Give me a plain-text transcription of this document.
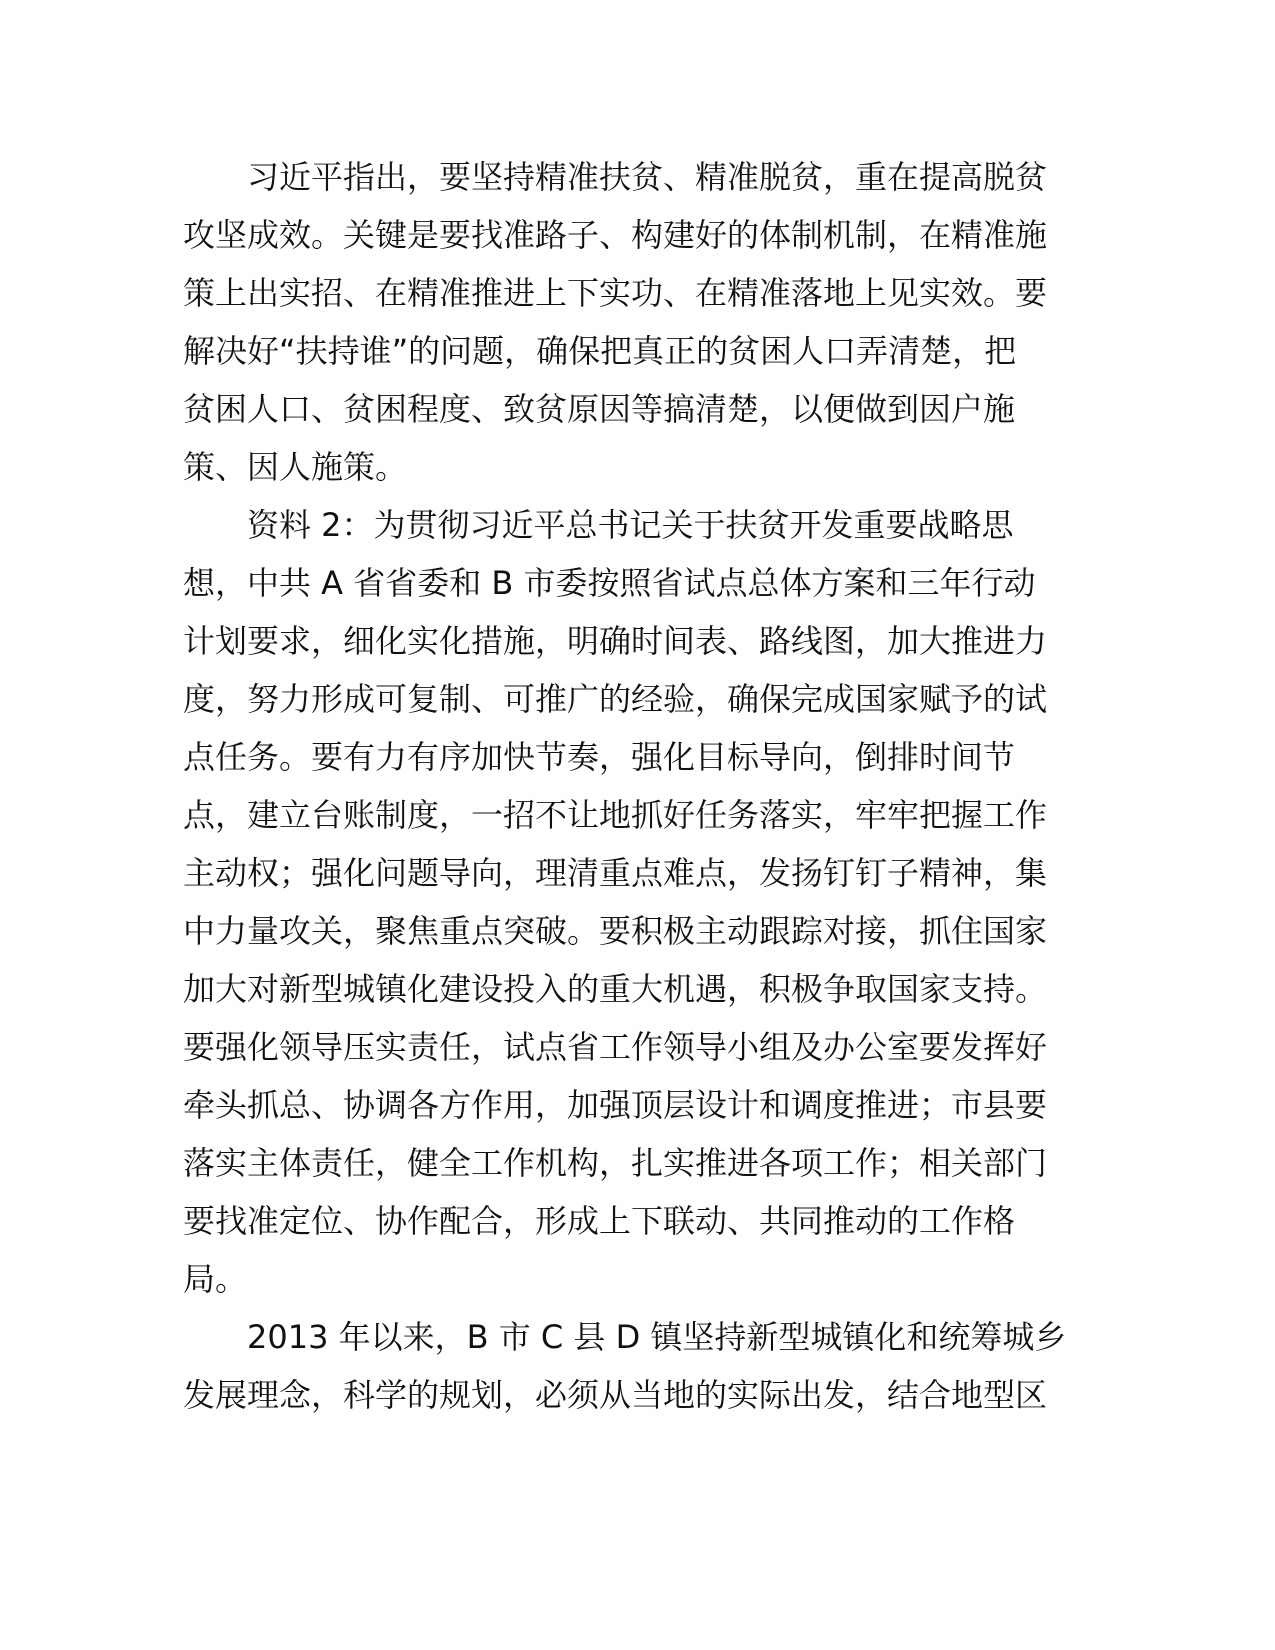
习近平指出，要坚持精准扶贫、精准脱贫，重在提高脱贫
攻坚成效。关键是要找准路子、构建好的体制机制，在精准施
策上出实招、在精准推进上下实功、在精准落地上见实效。要
解决好“扶持谁”的问题，确保把真正的贫困人口弄清楚，把
贫困人口、贫困程度、致贫原因等搞清楚，以便做到因户施
策、因人施策。

资料 2：为贯彻习近平总书记关于扶贫开发重要战略思
想，中共 A 省省委和 B 市委按照省试点总体方案和三年行动
计划要求，细化实化措施，明确时间表、路线图，加大推进力
度，努力形成可复制、可推广的经验，确保完成国家赋予的试
点任务。要有力有序加快节奏，强化目标导向，倒排时间节
点，建立台账制度，一招不让地抓好任务落实，牢牢把握工作
主动权；强化问题导向，理清重点难点，发扬钉钉子精神，集
中力量攻关，聚焦重点突破。要积极主动跟踪对接，抓住国家
加大对新型城镇化建设投入的重大机遇，积极争取国家支持。
要强化领导压实责任，试点省工作领导小组及办公室要发挥好
牵头抓总、协调各方作用，加强顶层设计和调度推进；市县要
落实主体责任，健全工作机构，扎实推进各项工作；相关部门
要找准定位、协作配合，形成上下联动、共同推动的工作格
局。

2013 年以来，B 市 C 县 D 镇坚持新型城镇化和统筹城乡
发展理念，科学的规划，必须从当地的实际出发，结合地型区
